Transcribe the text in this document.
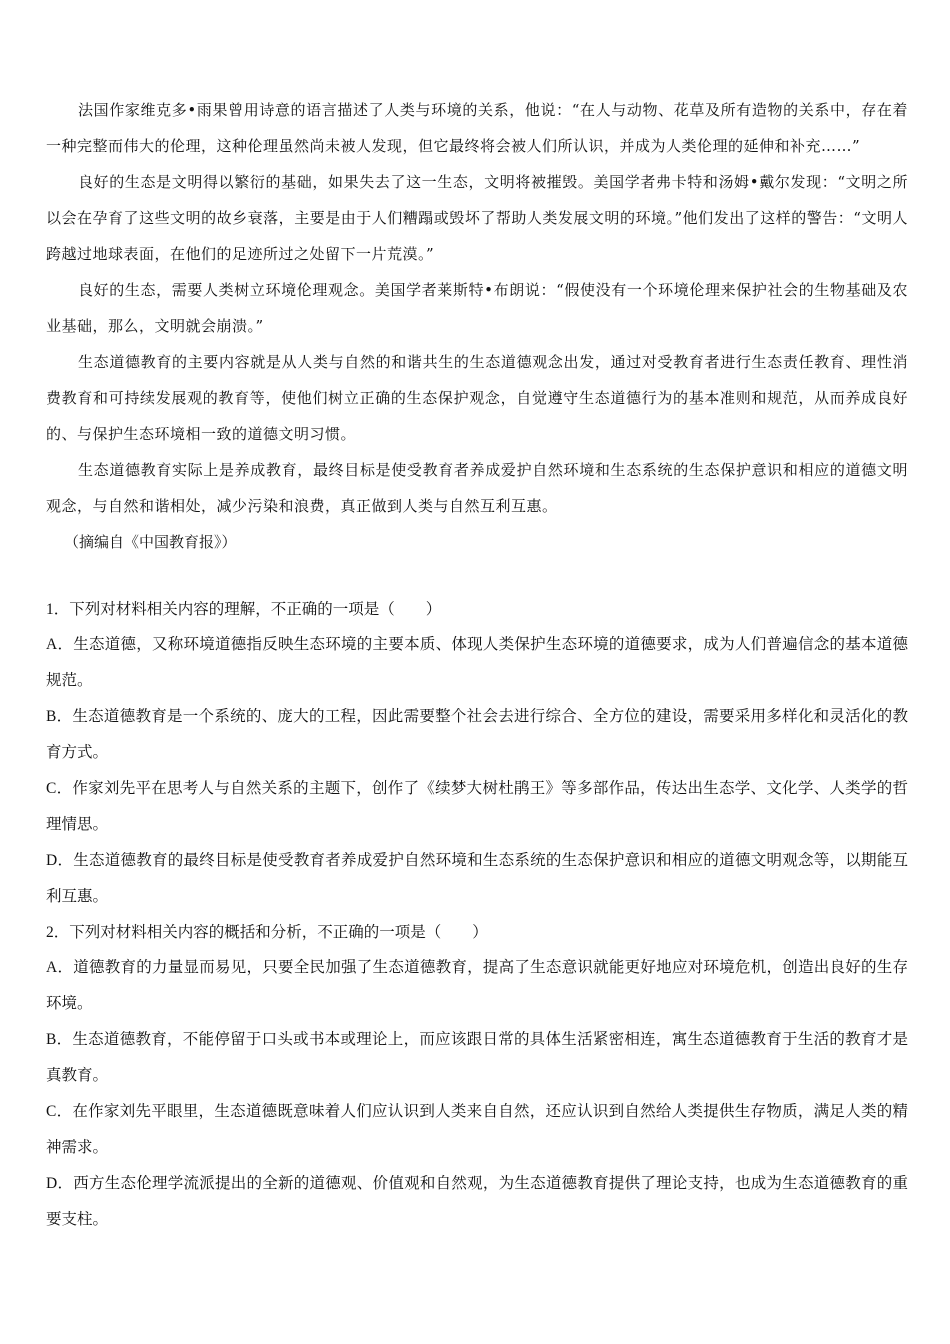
法国作家维克多•雨果曾用诗意的语言描述了人类与环境的关系，他说：“在人与动物、花草及所有造物的关系中，存在着一种完整而伟大的伦理，这种伦理虽然尚未被人发现，但它最终将会被人们所认识，并成为人类伦理的延伸和补充……”

良好的生态是文明得以繁衍的基础，如果失去了这一生态，文明将被摧毁。美国学者弗卡特和汤姆•戴尔发现：“文明之所以会在孕育了这些文明的故乡衰落，主要是由于人们糟蹋或毁坏了帮助人类发展文明的环境。”他们发出了这样的警告：“文明人跨越过地球表面，在他们的足迹所过之处留下一片荒漠。”

良好的生态，需要人类树立环境伦理观念。美国学者莱斯特•布朗说：“假使没有一个环境伦理来保护社会的生物基础及农业基础，那么，文明就会崩溃。”

生态道德教育的主要内容就是从人类与自然的和谐共生的生态道德观念出发，通过对受教育者进行生态责任教育、理性消费教育和可持续发展观的教育等，使他们树立正确的生态保护观念，自觉遵守生态道德行为的基本准则和规范，从而养成良好的、与保护生态环境相一致的道德文明习惯。

生态道德教育实际上是养成教育，最终目标是使受教育者养成爱护自然环境和生态系统的生态保护意识和相应的道德文明观念，与自然和谐相处，减少污染和浪费，真正做到人类与自然互利互惠。

（摘编自《中国教育报》）

1．下列对材料相关内容的理解，不正确的一项是（　　）

A．生态道德，又称环境道德指反映生态环境的主要本质、体现人类保护生态环境的道德要求，成为人们普遍信念的基本道德规范。

B．生态道德教育是一个系统的、庞大的工程，因此需要整个社会去进行综合、全方位的建设，需要采用多样化和灵活化的教育方式。

C．作家刘先平在思考人与自然关系的主题下，创作了《续梦大树杜鹃王》等多部作品，传达出生态学、文化学、人类学的哲理情思。

D．生态道德教育的最终目标是使受教育者养成爱护自然环境和生态系统的生态保护意识和相应的道德文明观念等，以期能互利互惠。

2．下列对材料相关内容的概括和分析，不正确的一项是（　　）

A．道德教育的力量显而易见，只要全民加强了生态道德教育，提高了生态意识就能更好地应对环境危机，创造出良好的生存环境。

B．生态道德教育，不能停留于口头或书本或理论上，而应该跟日常的具体生活紧密相连，寓生态道德教育于生活的教育才是真教育。

C．在作家刘先平眼里，生态道德既意味着人们应认识到人类来自自然，还应认识到自然给人类提供生存物质，满足人类的精神需求。

D．西方生态伦理学流派提出的全新的道德观、价值观和自然观，为生态道德教育提供了理论支持，也成为生态道德教育的重要支柱。
